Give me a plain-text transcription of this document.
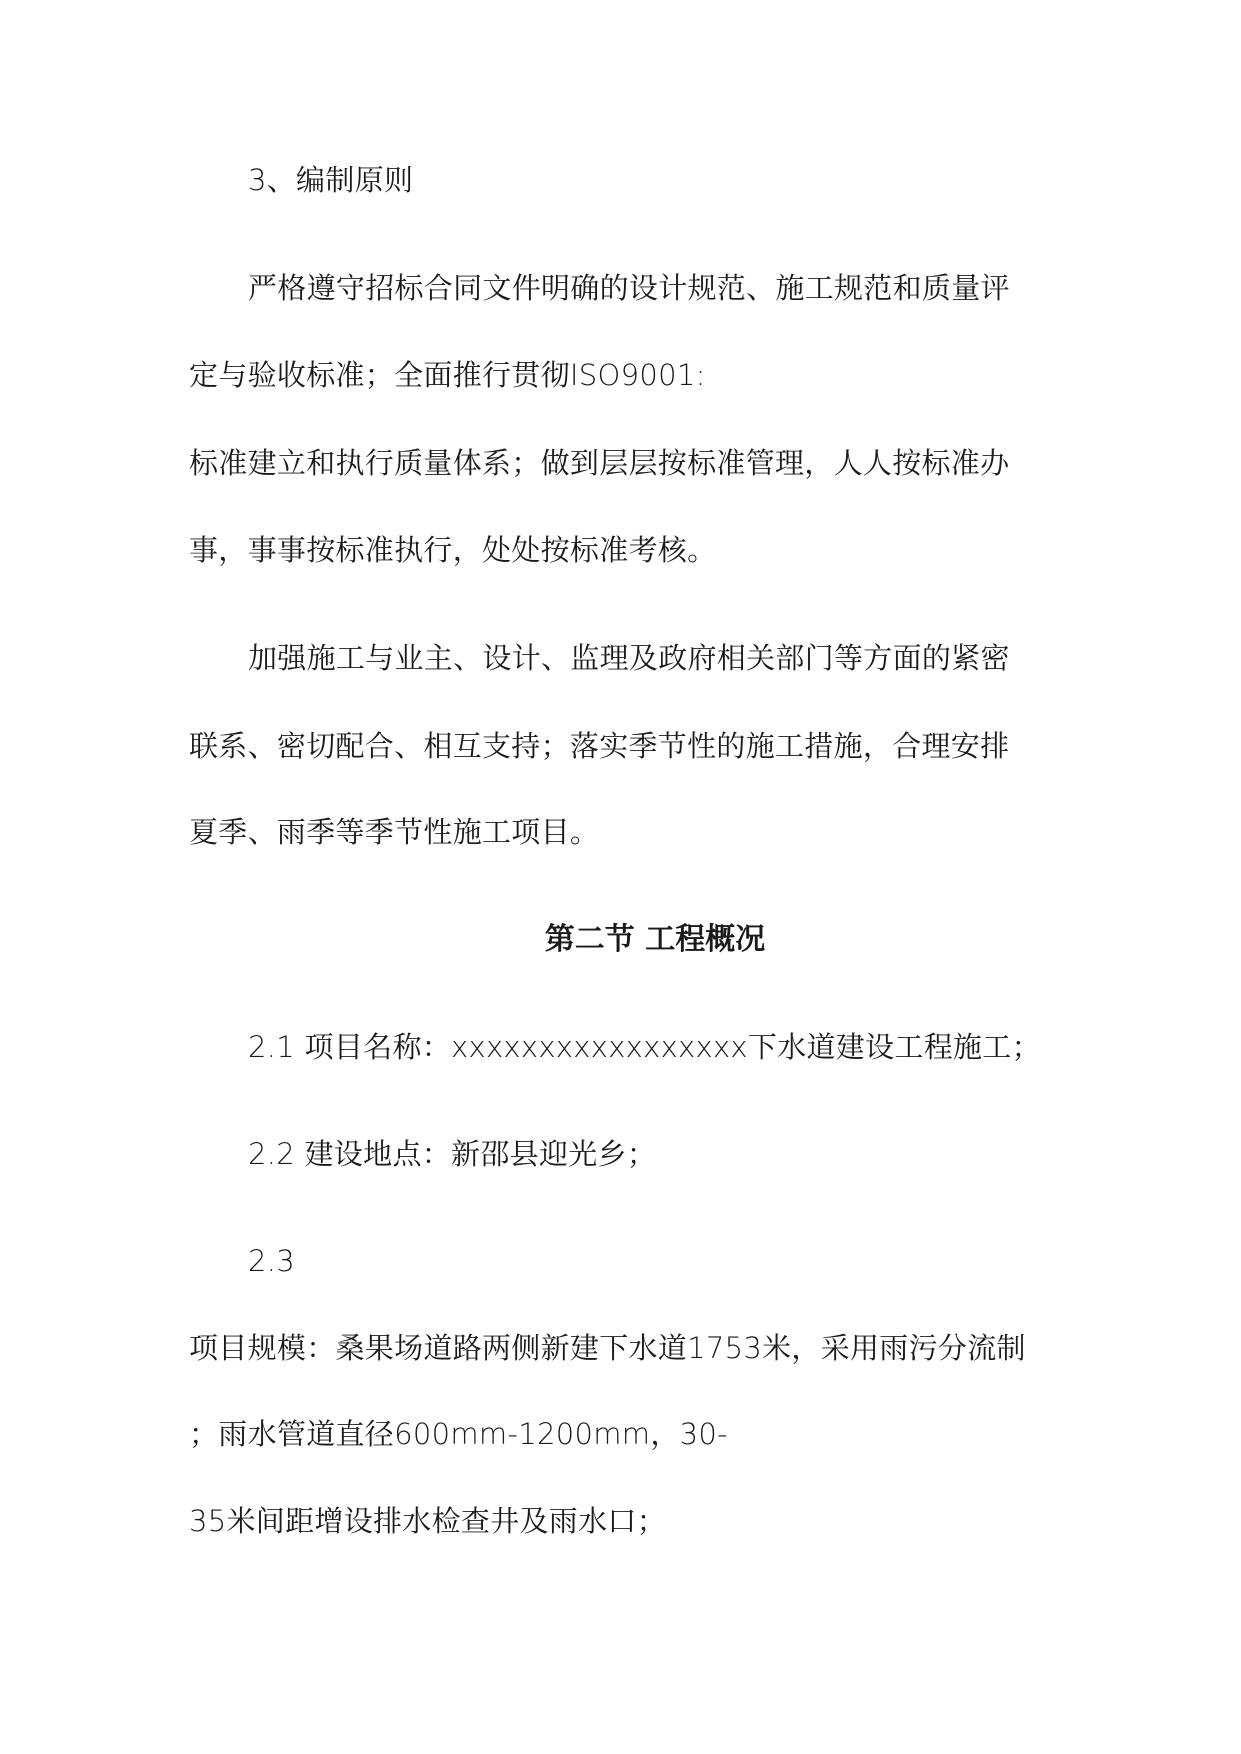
3、编制原则
严格遵守招标合同文件明确的设计规范、施工规范和质量评
定与验收标准；全面推行贯彻ISO9001:
标准建立和执行质量体系；做到层层按标准管理，人人按标准办
事，事事按标准执行，处处按标准考核。
加强施工与业主、设计、监理及政府相关部门等方面的紧密
联系、密切配合、相互支持；落实季节性的施工措施，合理安排
夏季、雨季等季节性施工项目。
第二节 工程概况
2.1 项目名称：xxxxxxxxxxxxxxxxx下水道建设工程施工；
2.2 建设地点：新邵县迎光乡；
2.3
项目规模：桑果场道路两侧新建下水道1753米，采用雨污分流制
；雨水管道直径600mm-1200mm，30-
35米间距增设排水检查井及雨水口；
